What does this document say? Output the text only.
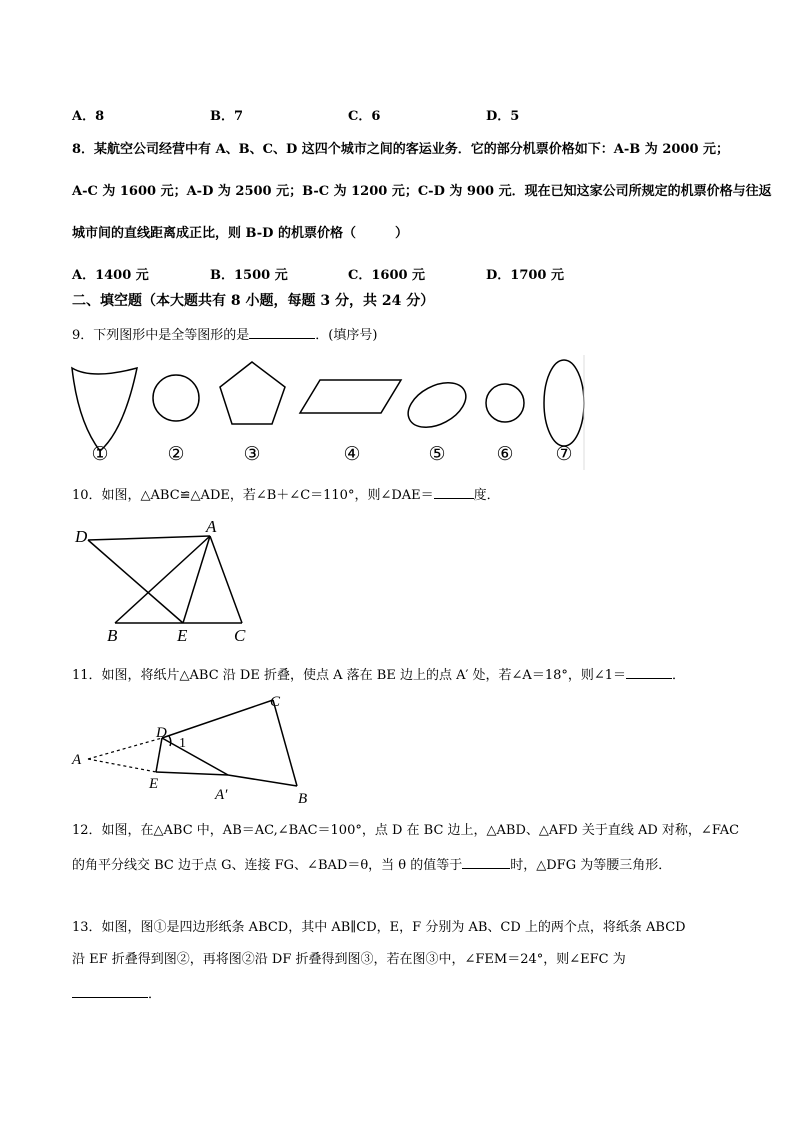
A．8	B．7	C．6	D．5
8．某航空公司经营中有 A、B、C、D 这四个城市之间的客运业务．它的部分机票价格如下：A-B 为 2000 元；
A-C 为 1600 元；A-D 为 2500 元；B-C 为 1200 元；C-D 为 900 元．现在已知这家公司所规定的机票价格与往返
城市间的直线距离成正比，则 B-D 的机票价格（　　　）
A．1400 元	B．1500 元	C．1600 元	D．1700 元
二、填空题（本大题共有 8 小题，每题 3 分，共 24 分）
9．下列图形中是全等图形的是	．(填序号)
①	②	③	④	⑤	⑥ ⑦
10．如图，△ABC≌△ADE，若∠B＋∠C＝110°，则∠DAE＝	度．
D
A
B	E	C
11．如图，将纸片△ABC 沿 DE 折叠，使点 A 落在 BE 边上的点 A′ 处，若∠A＝18°，则∠1＝	．
A
D
1
C
E
A′	B
12．如图，在△ABC 中，AB＝AC,∠BAC＝100°，点 D 在 BC 边上，△ABD、△AFD 关于直线 AD 对称，∠FAC
的角平分线交 BC 边于点 G、连接 FG、∠BAD＝θ，当 θ 的值等于	时，△DFG 为等腰三角形．
13．如图，图①是四边形纸条 ABCD，其中 AB∥CD，E，F 分别为 AB、CD 上的两个点，将纸条 ABCD
沿 EF 折叠得到图②，再将图②沿 DF 折叠得到图③，若在图③中，∠FEM＝24°，则∠EFC 为
．
